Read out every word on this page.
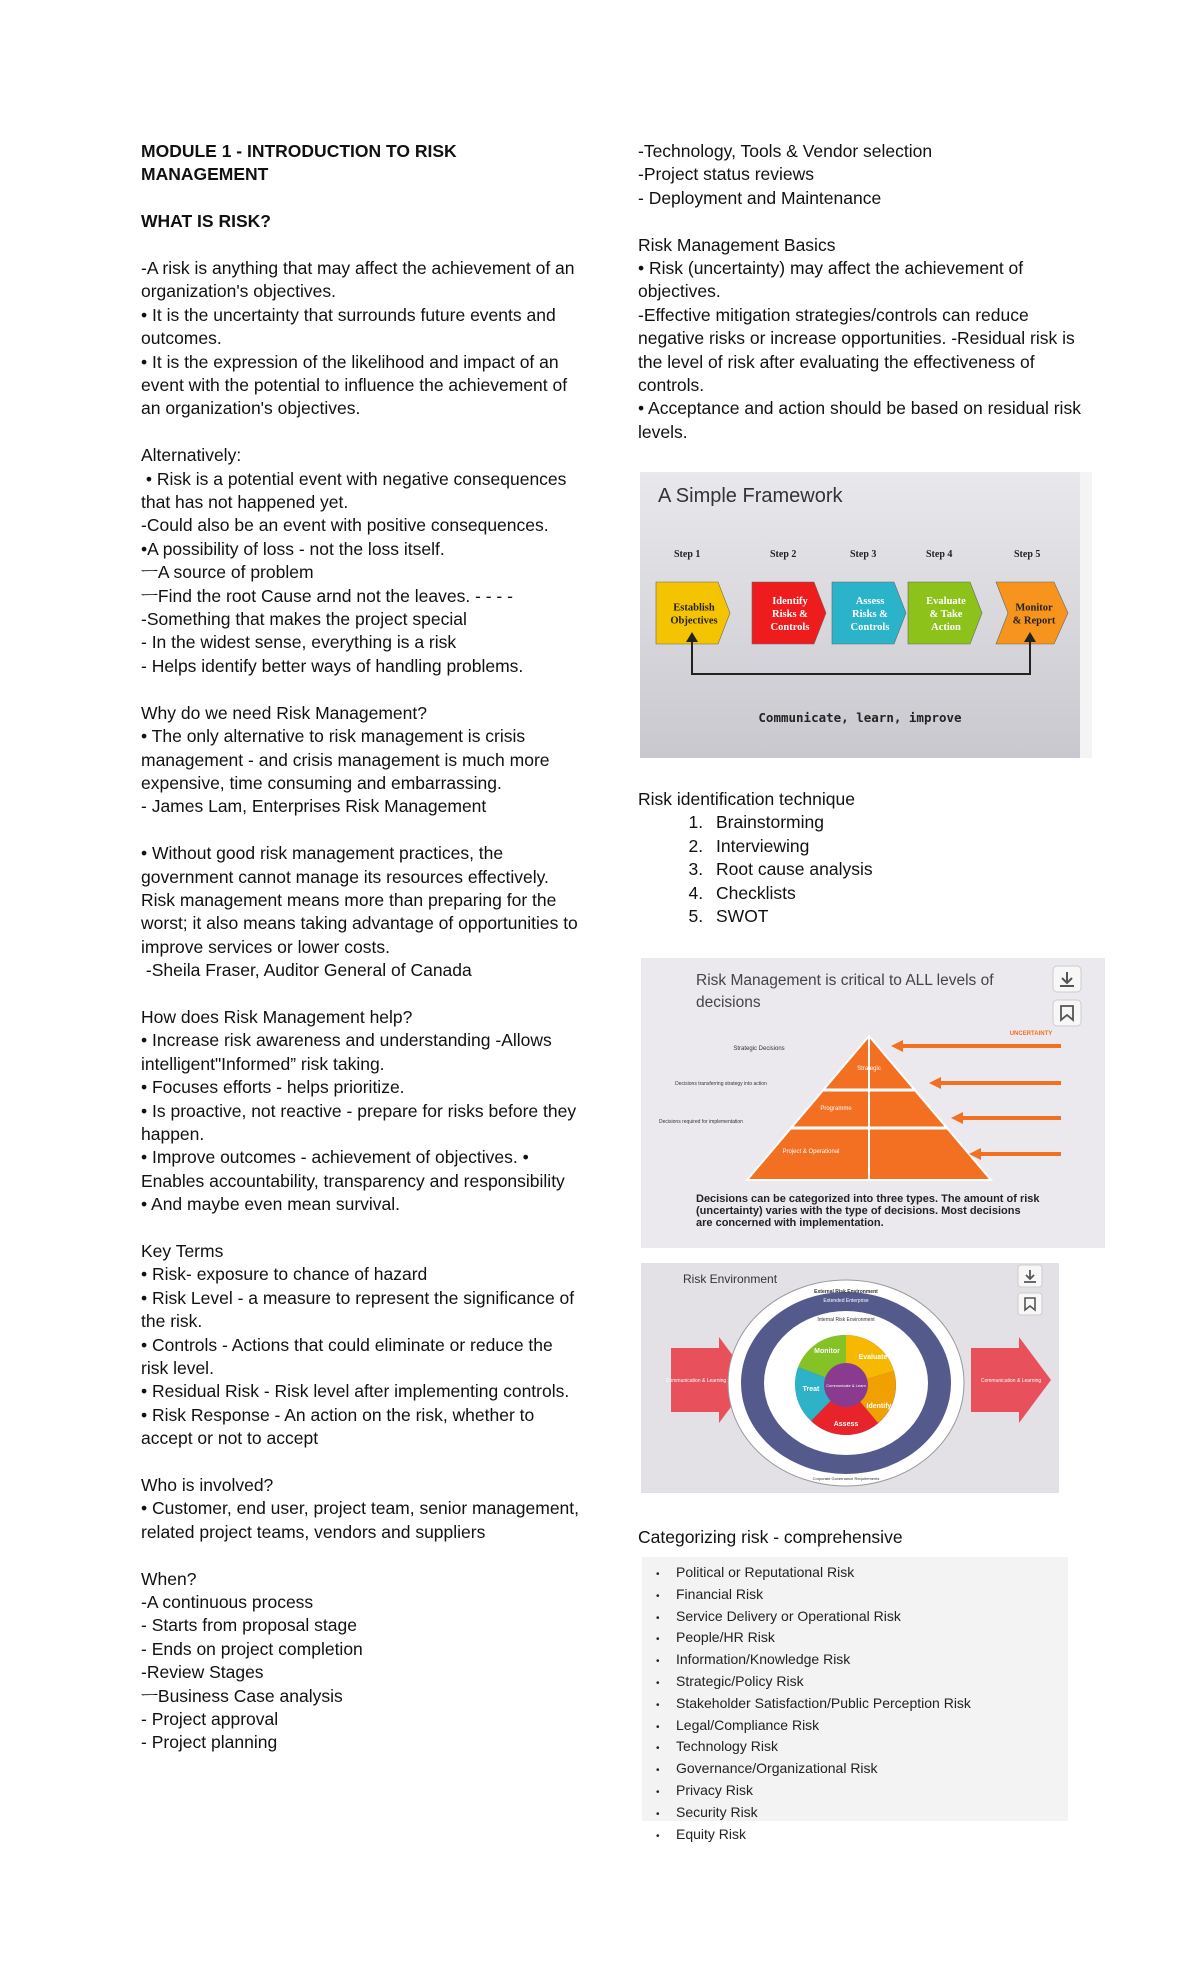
MODULE 1 - INTRODUCTION TO RISK MANAGEMENT

WHAT IS RISK?

-A risk is anything that may affect the achievement of an organization's objectives.

• It is the uncertainty that surrounds future events and outcomes.

• It is the expression of the likelihood and impact of an event with the potential to influence the achievement of an organization's objectives.

Alternatively:

• Risk is a potential event with negative consequences that has not happened yet.

-Could also be an event with positive consequences.

•A possibility of loss - not the loss itself.

ㅡA source of problem

ㅡFind the root Cause arnd not the leaves. - - - -

-Something that makes the project special

- In the widest sense, everything is a risk

- Helps identify better ways of handling problems.

Why do we need Risk Management?

• The only alternative to risk management is crisis management - and crisis management is much more expensive, time consuming and embarrassing.

- James Lam, Enterprises Risk Management

• Without good risk management practices, the government cannot manage its resources effectively. Risk management means more than preparing for the worst; it also means taking advantage of opportunities to improve services or lower costs.

-Sheila Fraser, Auditor General of Canada

How does Risk Management help?

• Increase risk awareness and understanding -Allows intelligent"Informed” risk taking.

• Focuses efforts - helps prioritize.

• Is proactive, not reactive - prepare for risks before they happen.

• Improve outcomes - achievement of objectives. • Enables accountability, transparency and responsibility

• And maybe even mean survival.

Key Terms

• Risk- exposure to chance of hazard

• Risk Level - a measure to represent the significance of the risk.

• Controls - Actions that could eliminate or reduce the risk level.

• Residual Risk - Risk level after implementing controls.

• Risk Response - An action on the risk, whether to accept or not to accept

Who is involved?

• Customer, end user, project team, senior management, related project teams, vendors and suppliers

When?

-A continuous process

- Starts from proposal stage

- Ends on project completion

-Review Stages

ㅡBusiness Case analysis

- Project approval

- Project planning

-Technology, Tools & Vendor selection

-Project status reviews

- Deployment and Maintenance

Risk Management Basics

• Risk (uncertainty) may affect the achievement of objectives.

-Effective mitigation strategies/controls can reduce negative risks or increase opportunities. -Residual risk is the level of risk after evaluating the effectiveness of controls.

• Acceptance and action should be based on residual risk levels.

A Simple Framework
Step 1
Establish
Objectives
Step 2
Identify
Risks &
Controls
Step 3
Assess
Risks &
Controls
Step 4
Evaluate
& Take
Action
Step 5
Monitor
& Report
Communicate, learn, improve

Risk identification technique

1. Brainstorming
2. Interviewing
3. Root cause analysis
4. Checklists
5. SWOT
Risk Management is critical to ALL levels of
decisions
Strategic
Programme
Project & Operational
Strategic Decisions
Decisions transferring strategy into action
Decisions required for implementation
UNCERTAINTY
Decisions can be categorized into three types. The amount of risk
(uncertainty) varies with the type of decisions. Most decisions
are concerned with implementation.
Risk Environment
Communication & Learning	Communication & Learning
External Risk Environment
Extended Enterprise
Internal Risk Environment
Communicate & Learn
Monitor
Evaluate
Identify
Assess
Treat
Corporate Governance Requirements

Categorizing risk - comprehensive

• Political or Reputational Risk
• Financial Risk
• Service Delivery or Operational Risk
• People/HR Risk
• Information/Knowledge Risk
• Strategic/Policy Risk
• Stakeholder Satisfaction/Public Perception Risk
• Legal/Compliance Risk
• Technology Risk
• Governance/Organizational Risk
• Privacy Risk
• Security Risk
• Equity Risk
